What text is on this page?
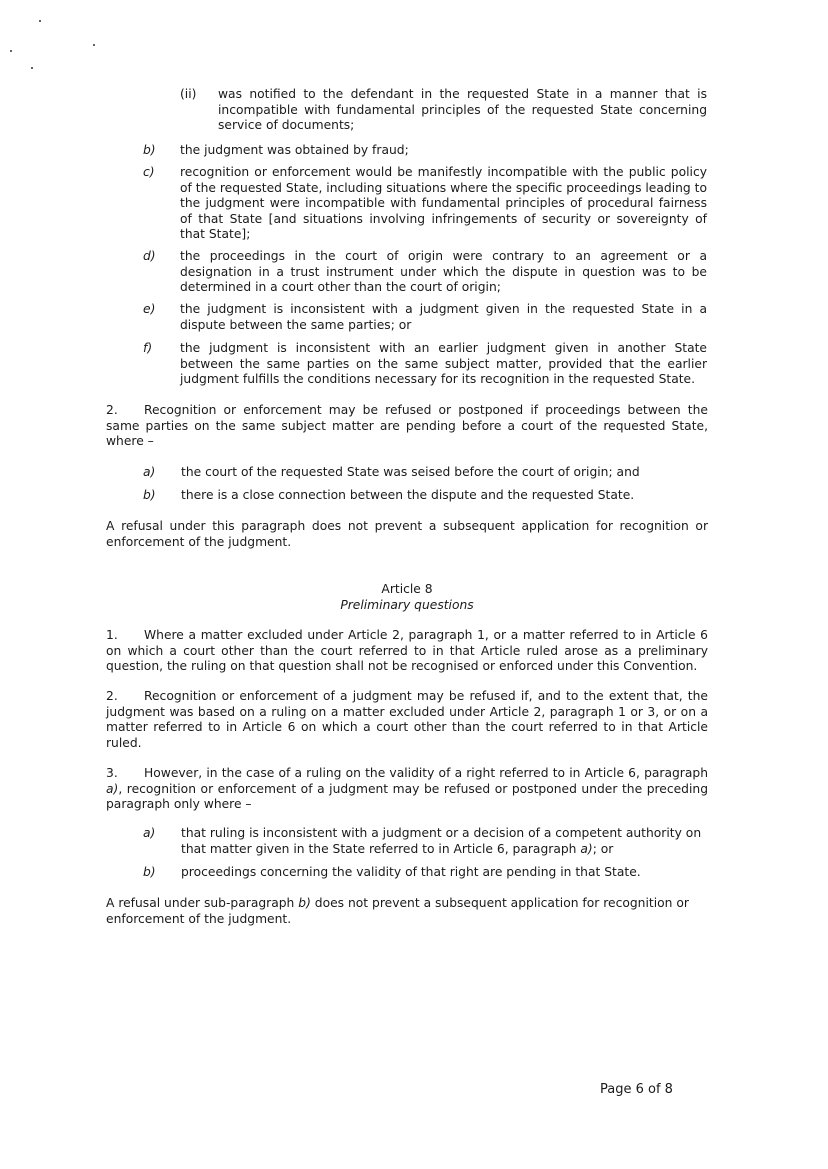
(ii)	was notified to the defendant in the requested State in a manner that is incompatible with fundamental principles of the requested State concerning service of documents;
b)	the judgment was obtained by fraud;
c)	recognition or enforcement would be manifestly incompatible with the public policy of the requested State, including situations where the specific proceedings leading to the judgment were incompatible with fundamental principles of procedural fairness of that State [and situations involving infringements of security or sovereignty of that State];
d)	the proceedings in the court of origin were contrary to an agreement or a designation in a trust instrument under which the dispute in question was to be determined in a court other than the court of origin;
e)	the judgment is inconsistent with a judgment given in the requested State in a dispute between the same parties; or
f)	the judgment is inconsistent with an earlier judgment given in another State between the same parties on the same subject matter, provided that the earlier judgment fulfills the conditions necessary for its recognition in the requested State.
2. Recognition or enforcement may be refused or postponed if proceedings between the same parties on the same subject matter are pending before a court of the requested State, where –
a)	the court of the requested State was seised before the court of origin; and
b)	there is a close connection between the dispute and the requested State.
A refusal under this paragraph does not prevent a subsequent application for recognition or enforcement of the judgment.
Article 8
Preliminary questions
1. Where a matter excluded under Article 2, paragraph 1, or a matter referred to in Article 6 on which a court other than the court referred to in that Article ruled arose as a preliminary question, the ruling on that question shall not be recognised or enforced under this Convention.
2. Recognition or enforcement of a judgment may be refused if, and to the extent that, the judgment was based on a ruling on a matter excluded under Article 2, paragraph 1 or 3, or on a matter referred to in Article 6 on which a court other than the court referred to in that Article ruled.
3. However, in the case of a ruling on the validity of a right referred to in Article 6, paragraph a), recognition or enforcement of a judgment may be refused or postponed under the preceding paragraph only where –
a)	that ruling is inconsistent with a judgment or a decision of a competent authority on that matter given in the State referred to in Article 6, paragraph a); or
b)	proceedings concerning the validity of that right are pending in that State.
A refusal under sub-paragraph b) does not prevent a subsequent application for recognition or enforcement of the judgment.
Page 6 of 8
